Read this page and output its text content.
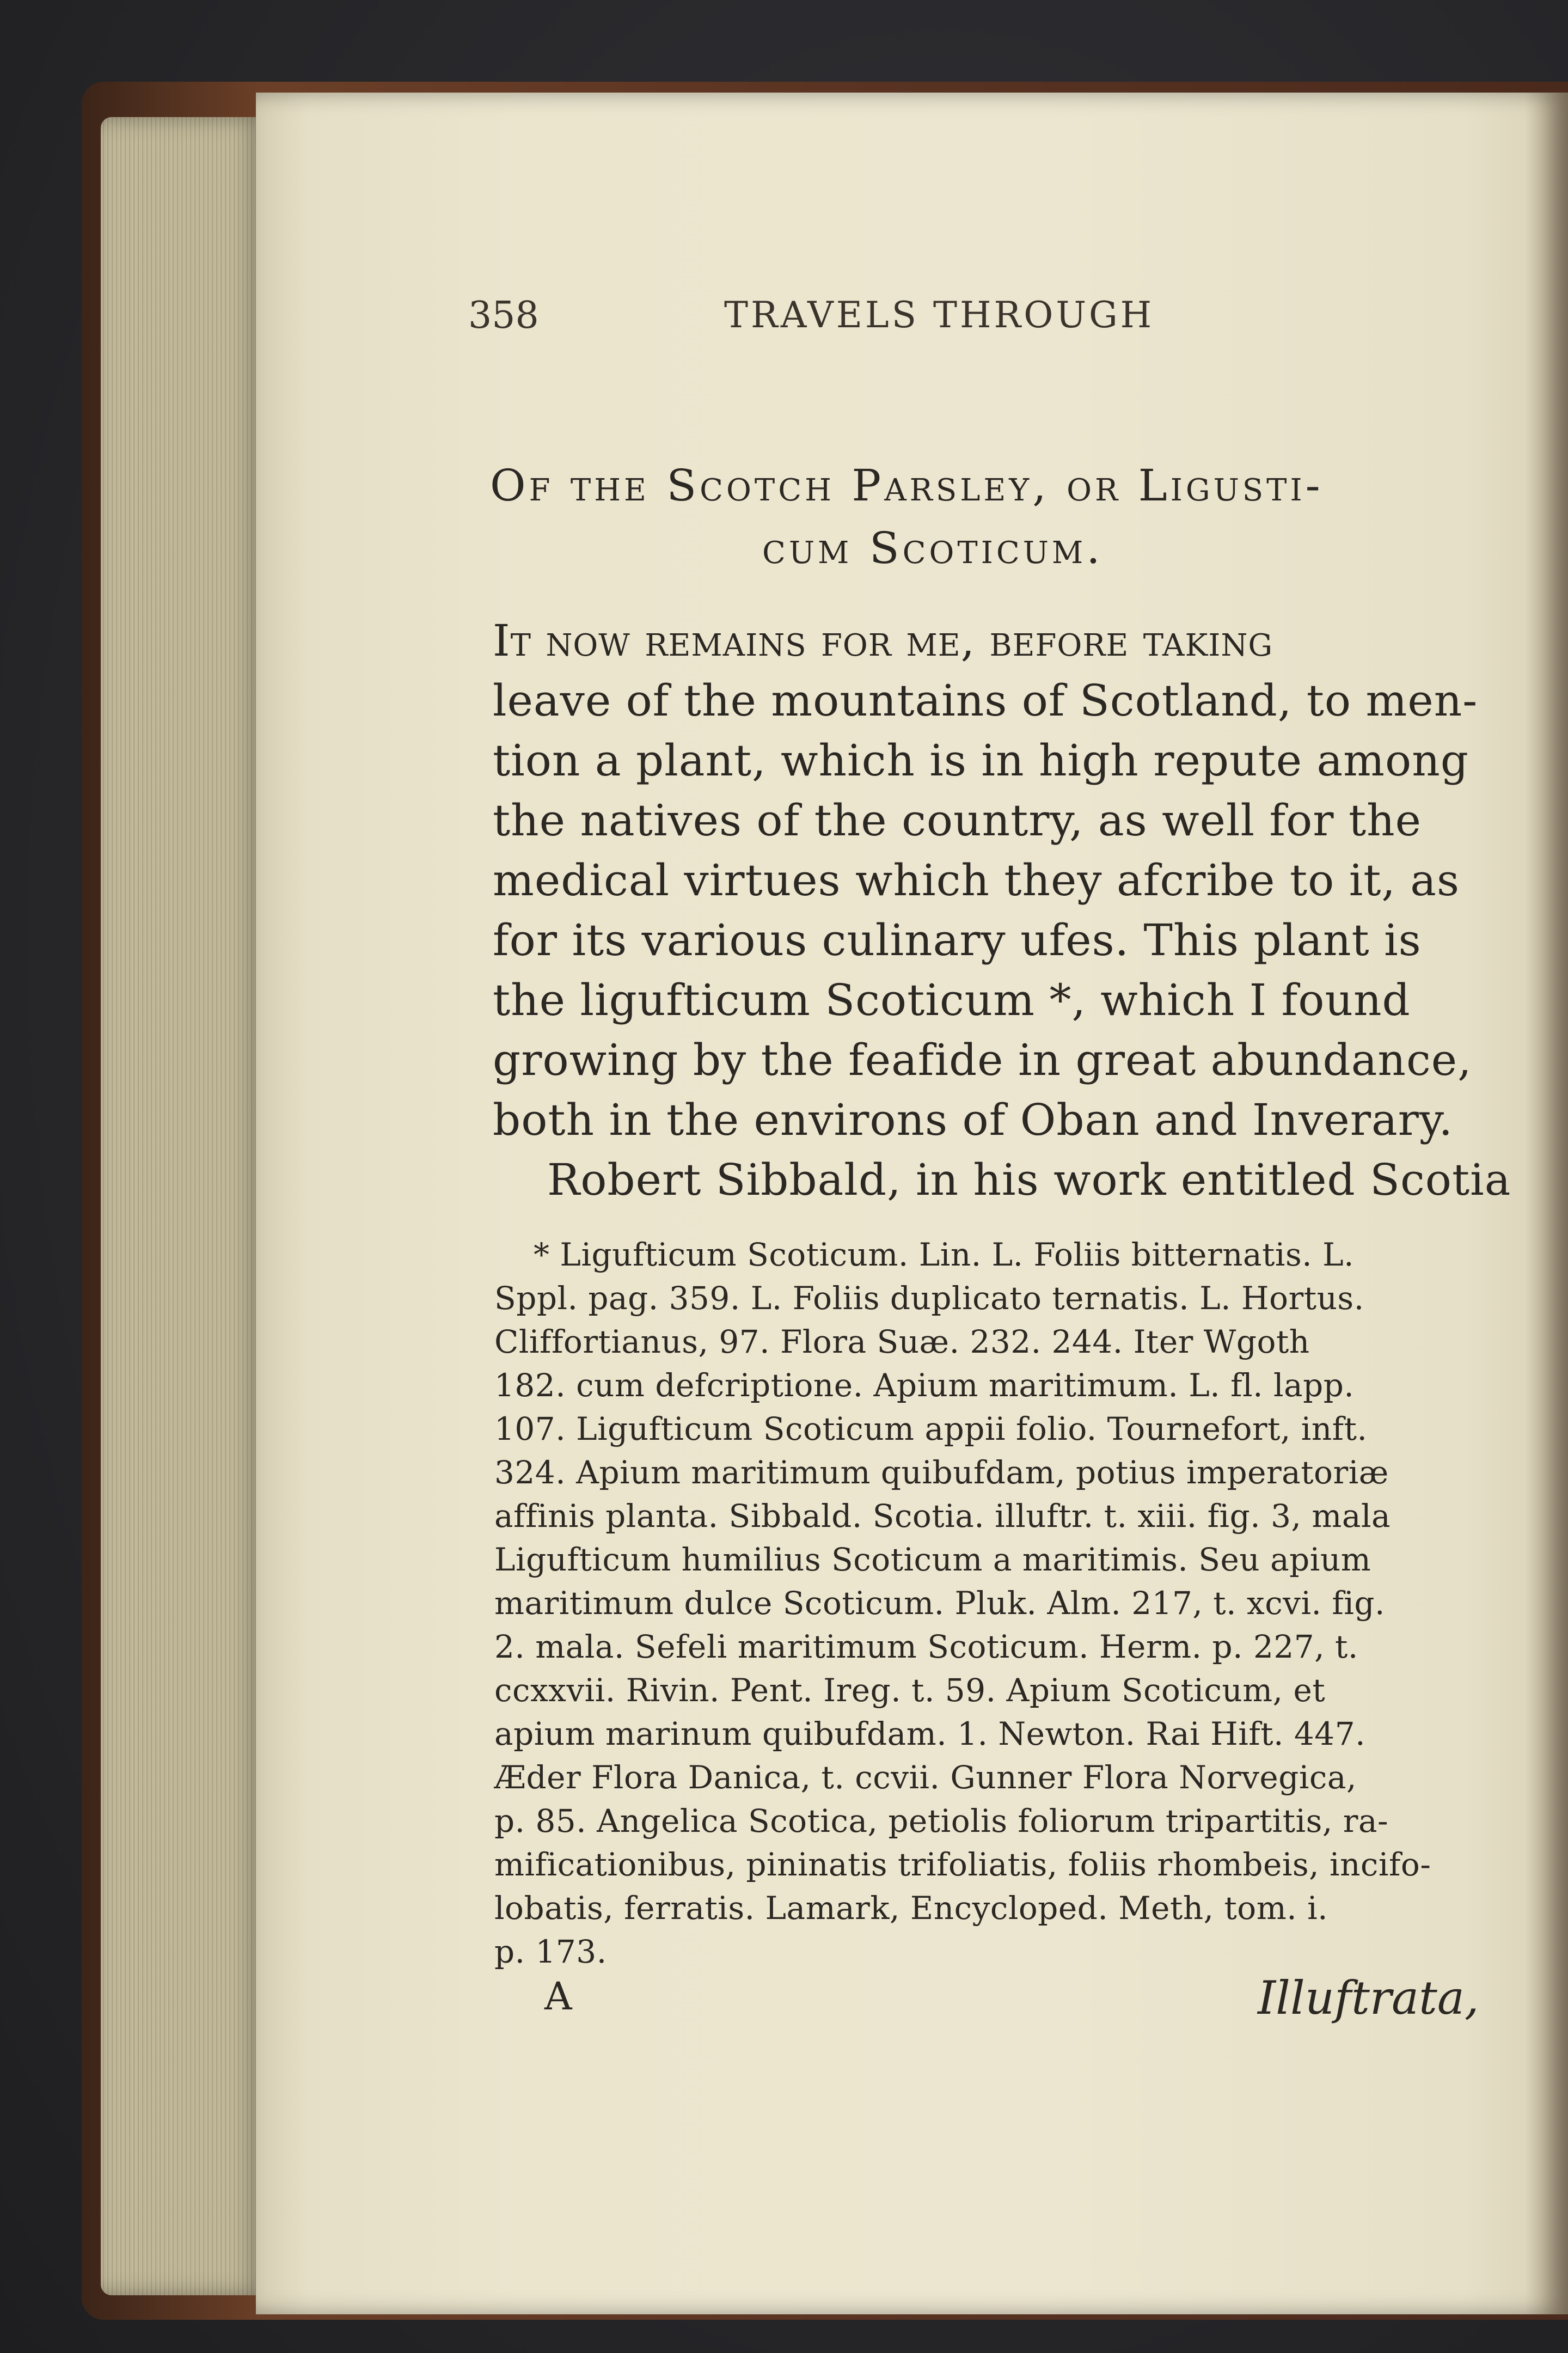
358	TRAVELS THROUGH
Of the Scotch Parsley, or Ligusti-
cum Scoticum.
It now remains for me, before taking
leave of the mountains of Scotland, to men-
tion a plant, which is in high repute among
the natives of the country, as well for the
medical virtues which they afcribe to it, as
for its various culinary ufes. This plant is
the ligufticum Scoticum *, which I found
growing by the feafide in great abundance,
both in the environs of Oban and Inverary.
Robert Sibbald, in his work entitled Scotia
* Ligufticum Scoticum. Lin. L. Foliis bitternatis. L.
Sppl. pag. 359. L. Foliis duplicato ternatis. L. Hortus.
Cliffortianus, 97. Flora Suæ. 232. 244. Iter Wgoth
182. cum defcriptione. Apium maritimum. L. fl. lapp.
107. Ligufticum Scoticum appii folio. Tournefort, inft.
324. Apium maritimum quibufdam, potius imperatoriæ
affinis planta. Sibbald. Scotia. illuftr. t. xiii. fig. 3, mala
Ligufticum humilius Scoticum a maritimis. Seu apium
maritimum dulce Scoticum. Pluk. Alm. 217, t. xcvi. fig.
2. mala. Sefeli maritimum Scoticum. Herm. p. 227, t.
ccxxvii. Rivin. Pent. Ireg. t. 59. Apium Scoticum, et
apium marinum quibufdam. 1. Newton. Rai Hift. 447.
Æder Flora Danica, t. ccvii. Gunner Flora Norvegica,
p. 85. Angelica Scotica, petiolis foliorum tripartitis, ra-
mificationibus, pininatis trifoliatis, foliis rhombeis, incifo-
lobatis, ferratis. Lamark, Encycloped. Meth, tom. i.
p. 173.
A	Illuftrata,
